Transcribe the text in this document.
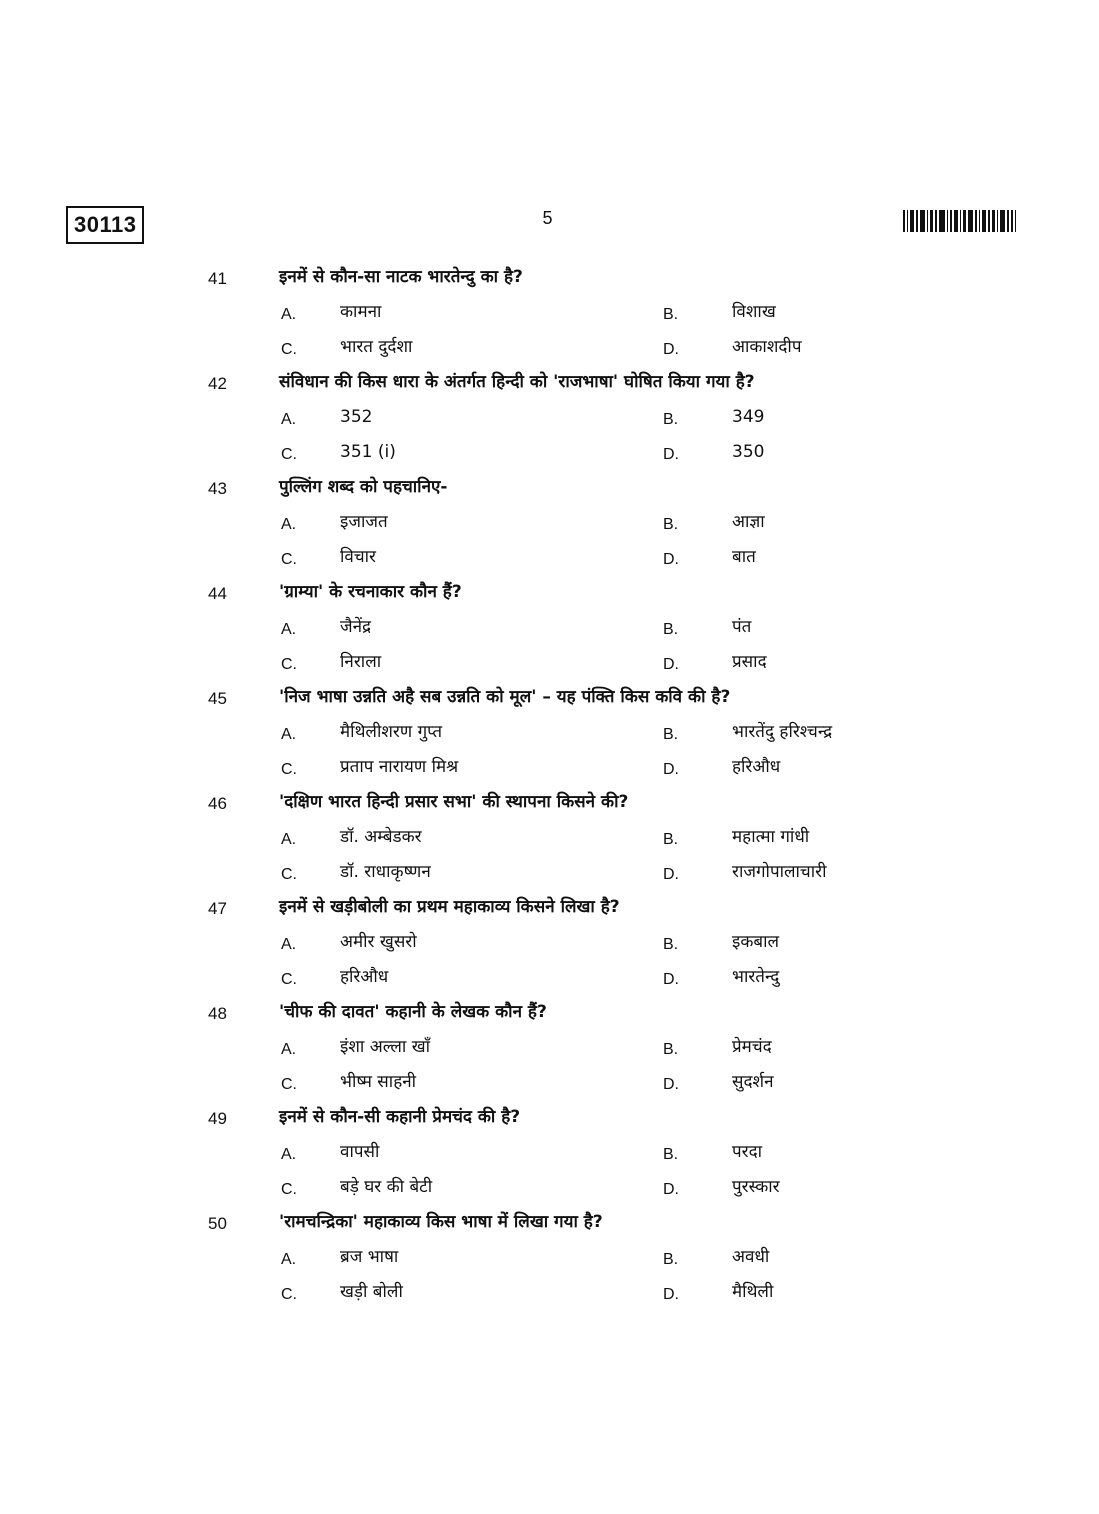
30113	5
41	इनमें से कौन-सा नाटक भारतेन्दु का है?
A.	कामना	B.	विशाख
C.	भारत दुर्दशा	D.	आकाशदीप
42	संविधान की किस धारा के अंतर्गत हिन्दी को 'राजभाषा' घोषित किया गया है?
A.	352	B.	349
C.	351 (i)	D.	350
43	पुल्लिंग शब्द को पहचानिए-
A.	इजाजत	B.	आज्ञा
C.	विचार	D.	बात
44	'ग्राम्या' के रचनाकार कौन हैं?
A.	जैनेंद्र	B.	पंत
C.	निराला	D.	प्रसाद
45	'निज भाषा उन्नति अहै सब उन्नति को मूल' – यह पंक्ति किस कवि की है?
A.	मैथिलीशरण गुप्त	B.	भारतेंदु हरिश्चन्द्र
C.	प्रताप नारायण मिश्र	D.	हरिऔध
46	'दक्षिण भारत हिन्दी प्रसार सभा' की स्थापना किसने की?
A.	डॉ. अम्बेडकर	B.	महात्मा गांधी
C.	डॉ. राधाकृष्णन	D.	राजगोपालाचारी
47	इनमें से खड़ीबोली का प्रथम महाकाव्य किसने लिखा है?
A.	अमीर खुसरो	B.	इकबाल
C.	हरिऔध	D.	भारतेन्दु
48	'चीफ की दावत' कहानी के लेखक कौन हैं?
A.	इंशा अल्ला खाँ	B.	प्रेमचंद
C.	भीष्म साहनी	D.	सुदर्शन
49	इनमें से कौन-सी कहानी प्रेमचंद की है?
A.	वापसी	B.	परदा
C.	बड़े घर की बेटी	D.	पुरस्कार
50	'रामचन्द्रिका' महाकाव्य किस भाषा में लिखा गया है?
A.	ब्रज भाषा	B.	अवधी
C.	खड़ी बोली	D.	मैथिली
